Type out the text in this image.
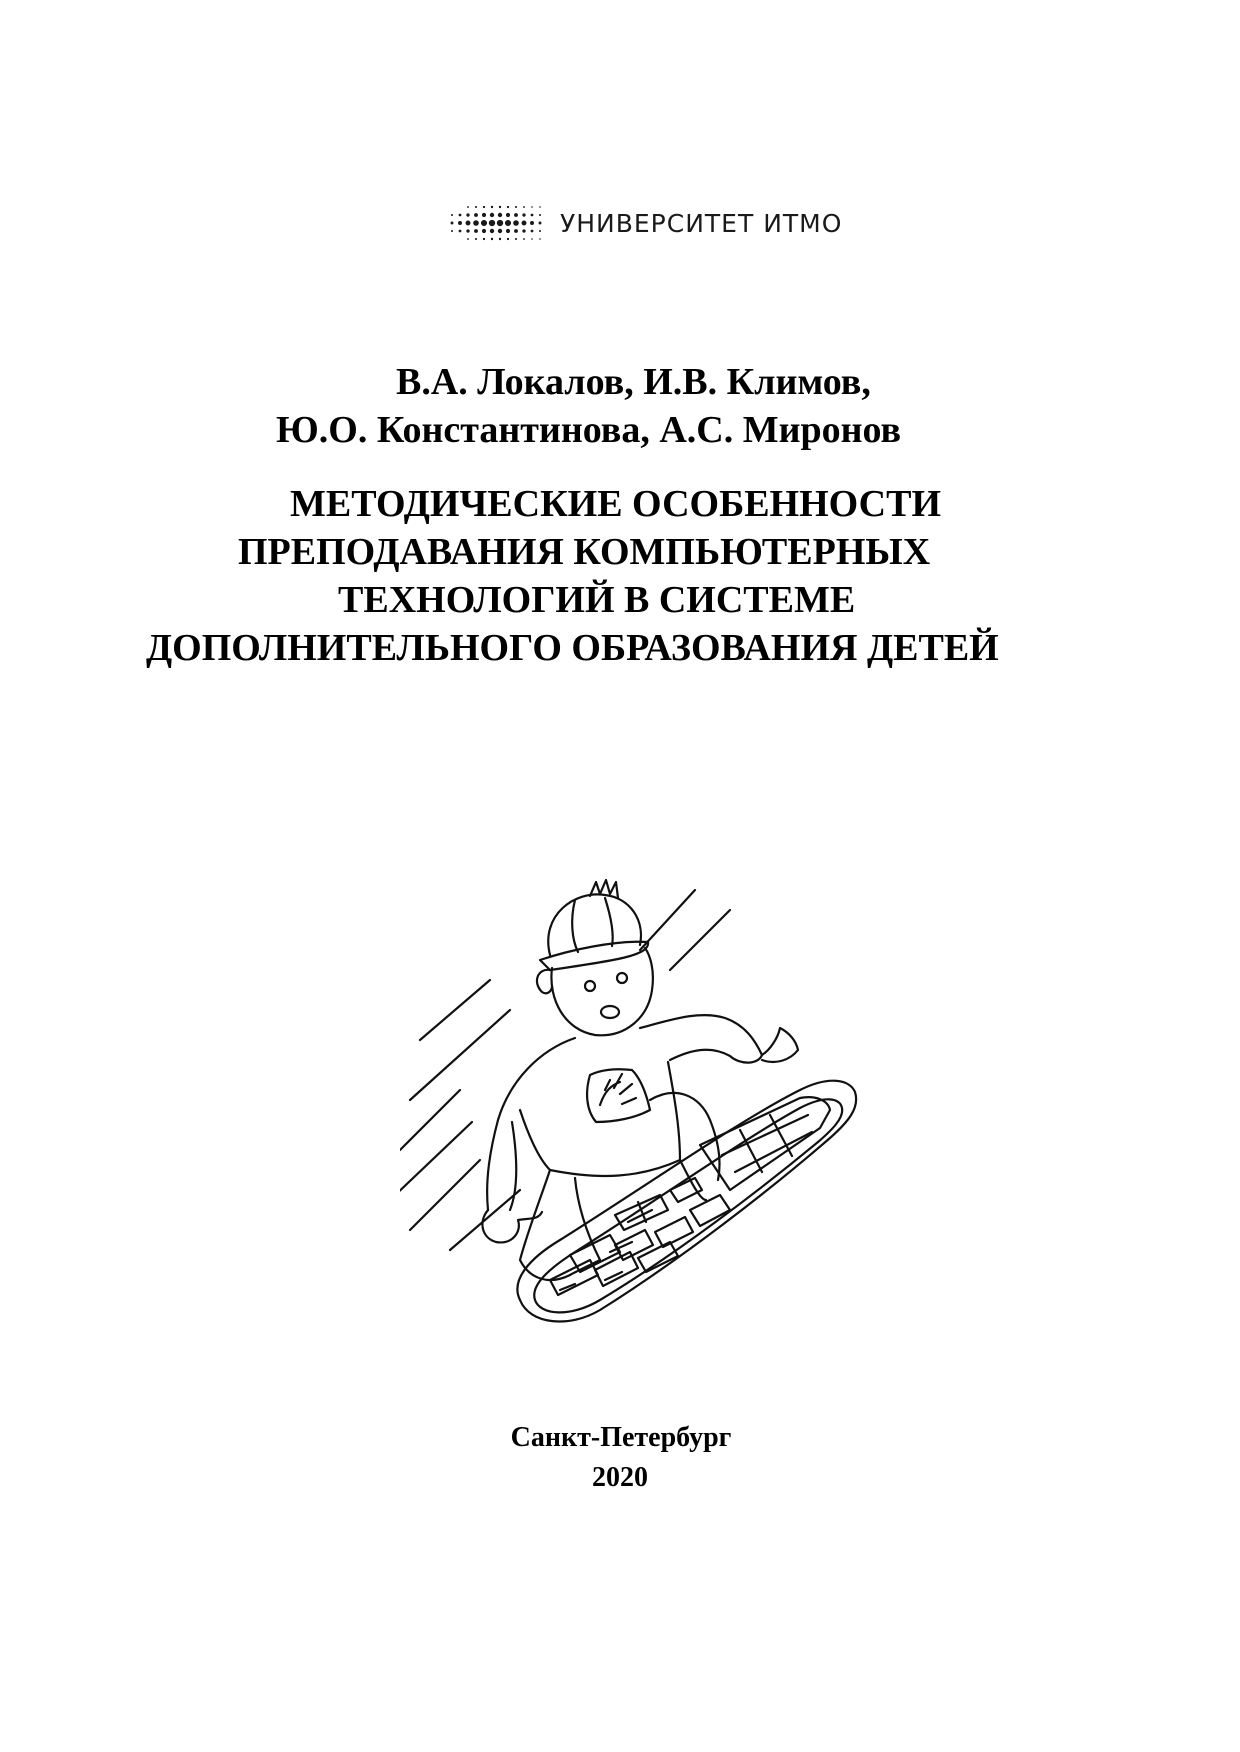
УНИВЕРСИТЕТ ИТМО
В.А. Локалов, И.В. Климов,
Ю.О. Константинова, А.С. Миронов
МЕТОДИЧЕСКИЕ ОСОБЕННОСТИ
ПРЕПОДАВАНИЯ КОМПЬЮТЕРНЫХ
ТЕХНОЛОГИЙ В СИСТЕМЕ
ДОПОЛНИТЕЛЬНОГО ОБРАЗОВАНИЯ ДЕТЕЙ
Санкт-Петербург
2020
